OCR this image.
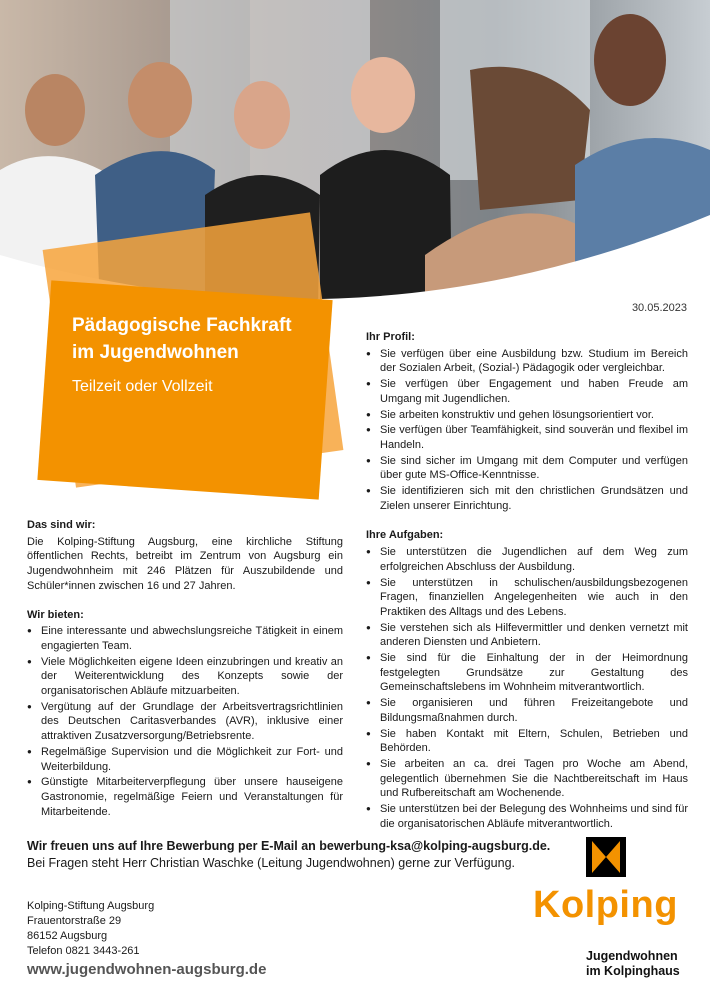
30.05.2023
Pädagogische Fachkraft
im Jugendwohnen
Teilzeit oder Vollzeit
Das sind wir:

Die Kolping-Stiftung Augsburg, eine kirchliche Stiftung öffentlichen Rechts, betreibt im Zentrum von Augsburg ein Jugendwohnheim mit 246 Plätzen für Auszubildende und Schüler*innen zwischen 16 und 27 Jahren.

Wir bieten:
● Eine interessante und abwechslungsreiche Tätigkeit in einem engagierten Team.
● Viele Möglichkeiten eigene Ideen einzubringen und kreativ an der Weiterentwicklung des Konzepts sowie der organisatorischen Abläufe mitzuarbeiten.
● Vergütung auf der Grundlage der Arbeitsvertragsrichtlinien des Deutschen Caritasverbandes (AVR), inklusive einer attraktiven Zusatzversorgung/Betriebsrente.
● Regelmäßige Supervision und die Möglichkeit zur Fort- und Weiterbildung.
● Günstigte Mitarbeiterverpflegung über unsere hauseigene Gastronomie, regelmäßige Feiern und Veranstaltungen für Mitarbeitende.
Ihr Profil:
● Sie verfügen über eine Ausbildung bzw. Studium im Bereich der Sozialen Arbeit, (Sozial-) Pädagogik oder vergleichbar.
● Sie verfügen über Engagement und haben Freude am Umgang mit Jugendlichen.
● Sie arbeiten konstruktiv und gehen lösungsorientiert vor.
● Sie verfügen über Teamfähigkeit, sind souverän und flexibel im Handeln.
● Sie sind sicher im Umgang mit dem Computer und verfügen über gute MS-Office-Kenntnisse.
● Sie identifizieren sich mit den christlichen Grundsätzen und Zielen unserer Einrichtung.
Ihre Aufgaben:
● Sie unterstützen die Jugendlichen auf dem Weg zum erfolgreichen Abschluss der Ausbildung.
● Sie unterstützen in schulischen/ausbildungsbezogenen Fragen, finanziellen Angelegenheiten wie auch in den Praktiken des Alltags und des Lebens.
● Sie verstehen sich als Hilfevermittler und denken vernetzt mit anderen Diensten und Anbietern.
● Sie sind für die Einhaltung der in der Heimordnung festgelegten Grundsätze zur Gestaltung des Gemeinschaftslebens im Wohnheim mitverantwortlich.
● Sie organisieren und führen Freizeitangebote und Bildungsmaßnahmen durch.
● Sie haben Kontakt mit Eltern, Schulen, Betrieben und Behörden.
● Sie arbeiten an ca. drei Tagen pro Woche am Abend, gelegentlich übernehmen Sie die Nachtbereitschaft im Haus und Rufbereitschaft am Wochenende.
● Sie unterstützen bei der Belegung des Wohnheims und sind für die organisatorischen Abläufe mitverantwortlich.
Wir freuen uns auf Ihre Bewerbung per E-Mail an bewerbung-ksa@kolping-augsburg.de.
Bei Fragen steht Herr Christian Waschke (Leitung Jugendwohnen) gerne zur Verfügung.
Kolping-Stiftung Augsburg
Frauentorstraße 29
86152 Augsburg
Telefon 0821 3443-261
www.jugendwohnen-augsburg.de
Kolping
Jugendwohnen
im Kolpinghaus
